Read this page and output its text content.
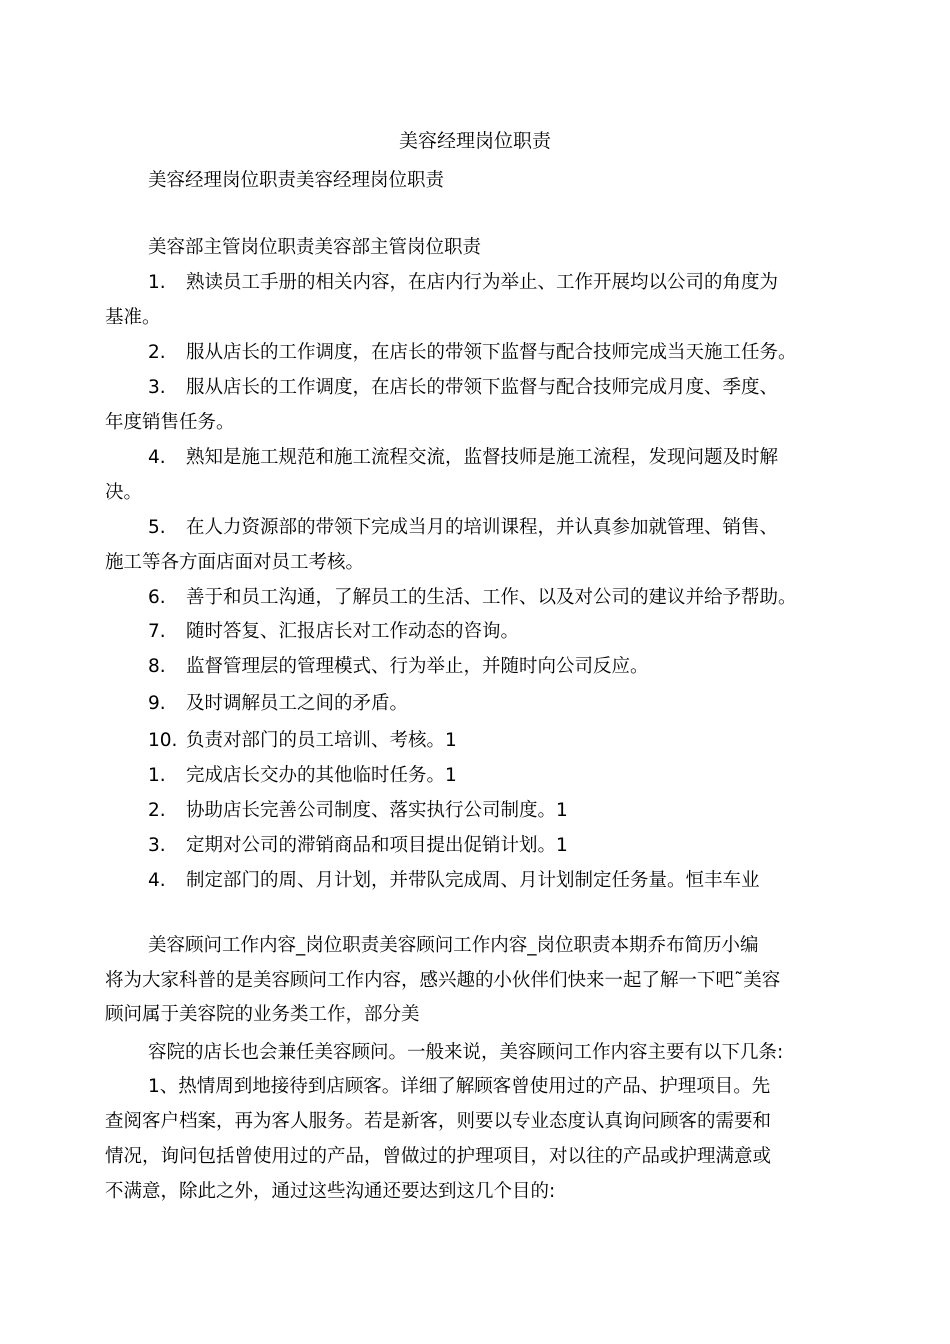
美容经理岗位职责
美容经理岗位职责美容经理岗位职责
美容部主管岗位职责美容部主管岗位职责
1. 熟读员工手册的相关内容，在店内行为举止、工作开展均以公司的角度为
基准。
2. 服从店长的工作调度，在店长的带领下监督与配合技师完成当天施工任务。
3. 服从店长的工作调度，在店长的带领下监督与配合技师完成月度、季度、
年度销售任务。
4. 熟知是施工规范和施工流程交流，监督技师是施工流程，发现问题及时解
决。
5. 在人力资源部的带领下完成当月的培训课程，并认真参加就管理、销售、
施工等各方面店面对员工考核。
6. 善于和员工沟通，了解员工的生活、工作、以及对公司的建议并给予帮助。
7. 随时答复、汇报店长对工作动态的咨询。
8. 监督管理层的管理模式、行为举止，并随时向公司反应。
9. 及时调解员工之间的矛盾。
10. 负责对部门的员工培训、考核。1
1. 完成店长交办的其他临时任务。1
2. 协助店长完善公司制度、落实执行公司制度。1
3. 定期对公司的滞销商品和项目提出促销计划。1
4. 制定部门的周、月计划，并带队完成周、月计划制定任务量。恒丰车业
美容顾问工作内容_岗位职责美容顾问工作内容_岗位职责本期乔布简历小编
将为大家科普的是美容顾问工作内容，感兴趣的小伙伴们快来一起了解一下吧˜美容
顾问属于美容院的业务类工作，部分美
容院的店长也会兼任美容顾问。一般来说，美容顾问工作内容主要有以下几条:
1、热情周到地接待到店顾客。详细了解顾客曾使用过的产品、护理项目。先
查阅客户档案，再为客人服务。若是新客，则要以专业态度认真询问顾客的需要和
情况，询问包括曾使用过的产品，曾做过的护理项目，对以往的产品或护理满意或
不满意，除此之外，通过这些沟通还要达到这几个目的:
